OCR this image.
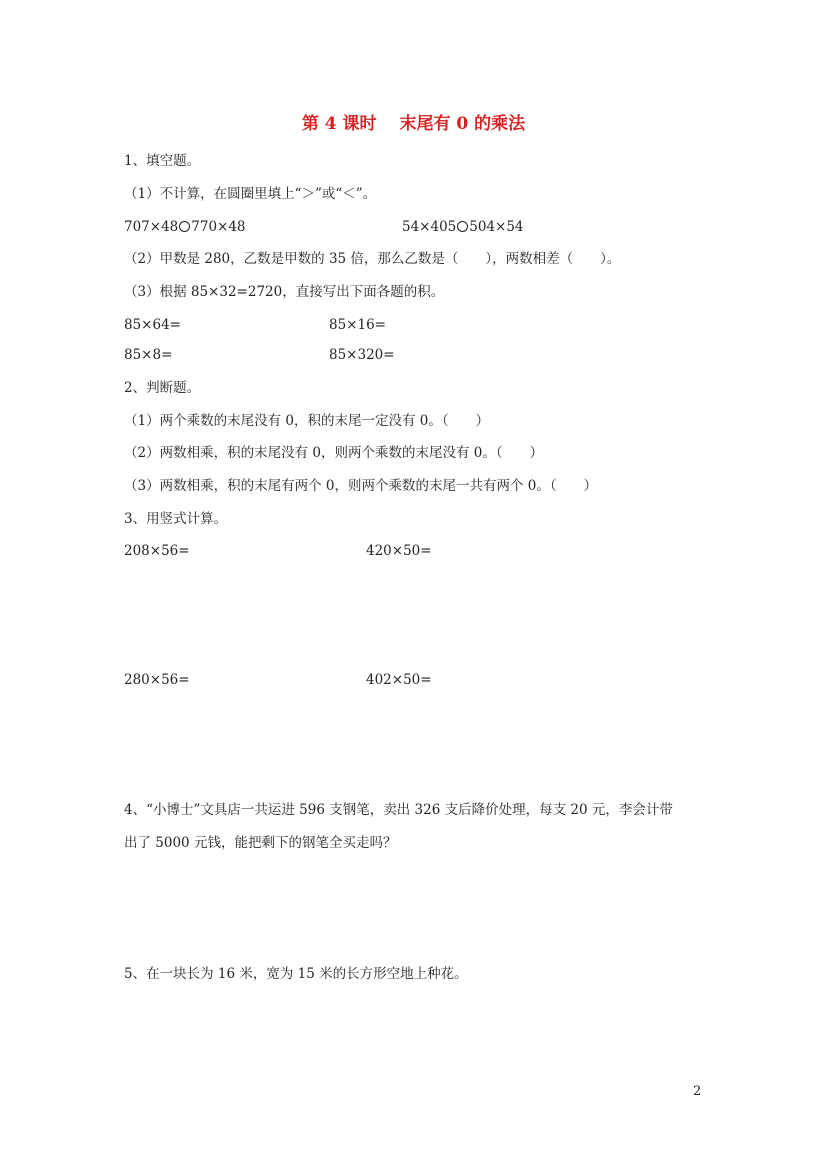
第 4 课时　 末尾有 0 的乘法
1、填空题。
（1）不计算，在圆圈里填上“＞”或“＜”。
707×48 770×48	54×405 504×54
（2）甲数是 280，乙数是甲数的 35 倍，那么乙数是（　　），两数相差（　　）。
（3）根据 85×32=2720，直接写出下面各题的积。
85×64=	85×16=
85×8=	85×320=
2、判断题。
（1）两个乘数的末尾没有 0，积的末尾一定没有 0。（　　）
（2）两数相乘，积的末尾没有 0，则两个乘数的末尾没有 0。（　　）
（3）两数相乘，积的末尾有两个 0，则两个乘数的末尾一共有两个 0。（　　）
3、用竖式计算。
208×56=	420×50=
280×56=	402×50=
4、“小博士”文具店一共运进 596 支钢笔，卖出 326 支后降价处理，每支 20 元，李会计带
出了 5000 元钱，能把剩下的钢笔全买走吗？
5、在一块长为 16 米，宽为 15 米的长方形空地上种花。
2
